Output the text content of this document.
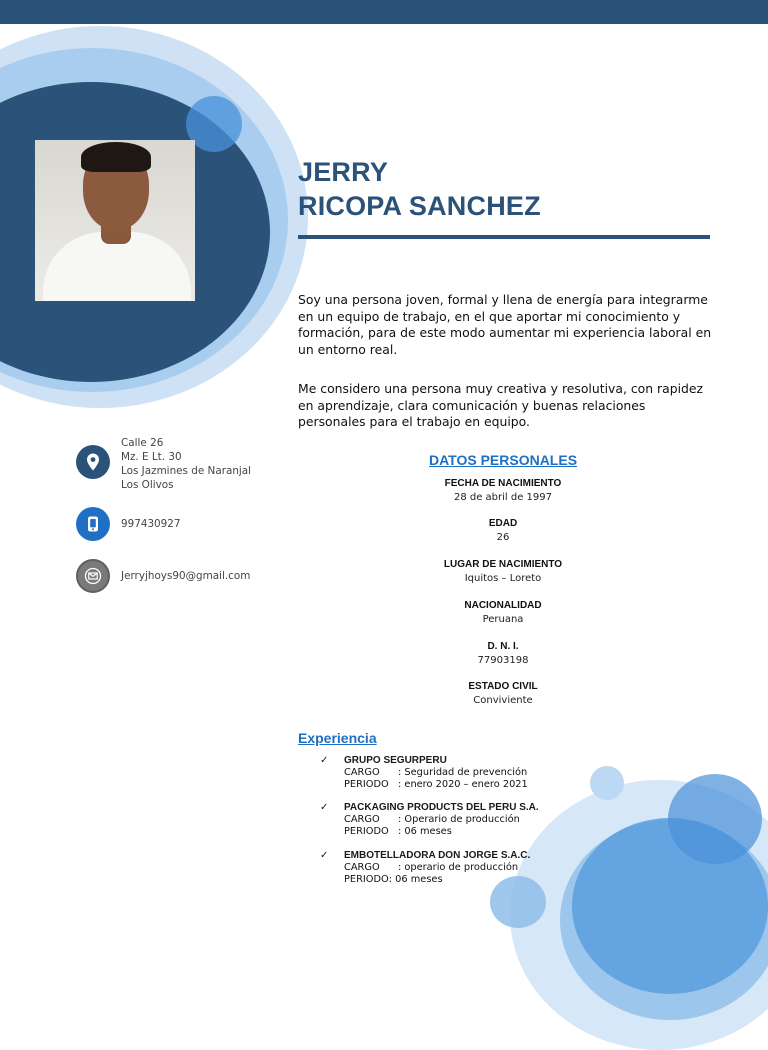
JERRY
RICOPA SANCHEZ

Soy una persona joven, formal y llena de energía para integrarme en un equipo de trabajo, en el que aportar mi conocimiento y formación, para de este modo aumentar mi experiencia laboral en un entorno real.

Me considero una persona muy creativa y resolutiva, con rapidez en aprendizaje, clara comunicación y buenas relaciones personales para el trabajo en equipo.

Calle 26
Mz. E Lt. 30
Los Jazmines de Naranjal
Los Olivos

997430927

Jerryjhoys90@gmail.com

DATOS PERSONALES
FECHA DE NACIMIENTO
28 de abril de 1997
EDAD
26
LUGAR DE NACIMIENTO
Iquitos – Loreto
NACIONALIDAD
Peruana
D. N. I.
77903198
ESTADO CIVIL
Conviviente
Experiencia
✓ GRUPO SEGURPERU
CARGO : Seguridad de prevención
PERIODO : enero 2020 – enero 2021
✓ PACKAGING PRODUCTS DEL PERU S.A.
CARGO : Operario de producción
PERIODO : 06 meses
✓ EMBOTELLADORA DON JORGE S.A.C.
CARGO : operario de producción
PERIODO: 06 meses
